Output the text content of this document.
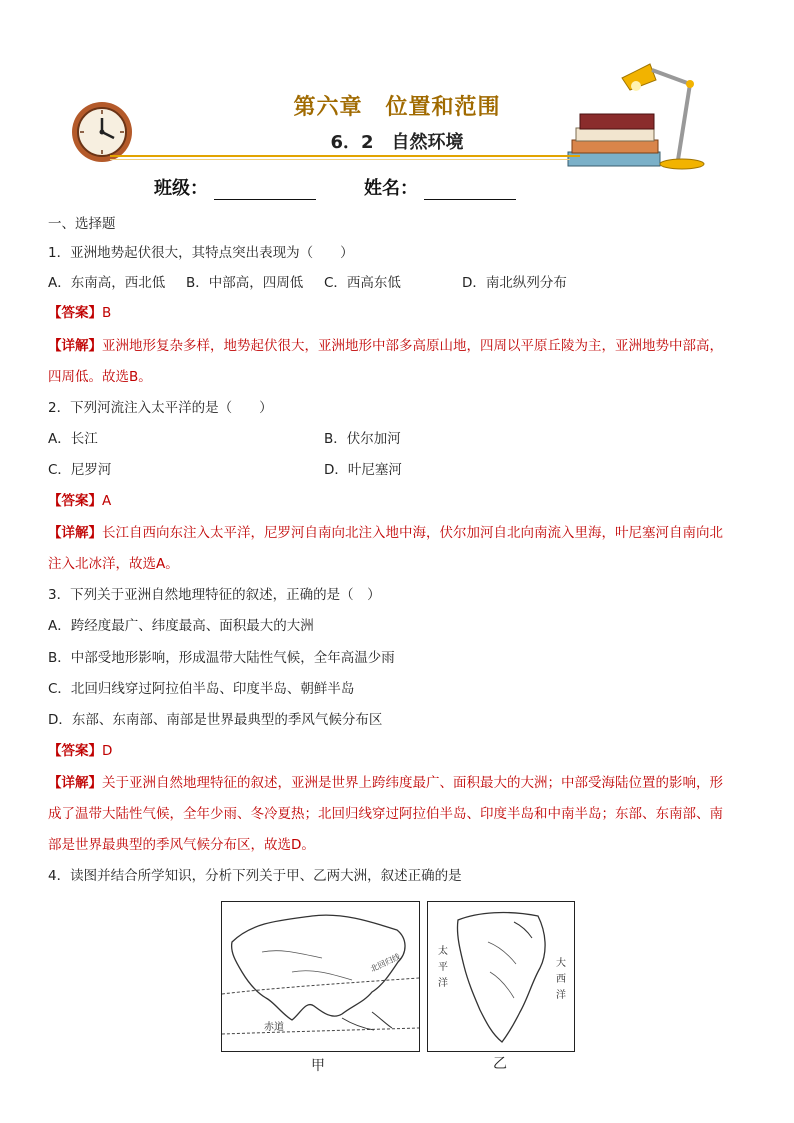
第六章　位置和范围
6．2　自然环境
班级：	姓名：
一、选择题
1．亚洲地势起伏很大，其特点突出表现为（　　）
A．东南高，西北低 B．中部高，四周低 C．西高东低	D．南北纵列分布
【答案】B
【详解】亚洲地形复杂多样，地势起伏很大，亚洲地形中部多高原山地，四周以平原丘陵为主，亚洲地势中部高，
四周低。故选B。
2．下列河流注入太平洋的是（　　）
A．长江	B．伏尔加河
C．尼罗河	D．叶尼塞河
【答案】A
【详解】长江自西向东注入太平洋，尼罗河自南向北注入地中海，伏尔加河自北向南流入里海，叶尼塞河自南向北
注入北冰洋，故选A。
3．下列关于亚洲自然地理特征的叙述，正确的是（　）
A．跨经度最广、纬度最高、面积最大的大洲
B．中部受地形影响，形成温带大陆性气候，全年高温少雨
C．北回归线穿过阿拉伯半岛、印度半岛、朝鲜半岛
D．东部、东南部、南部是世界最典型的季风气候分布区
【答案】D
【详解】关于亚洲自然地理特征的叙述，亚洲是世界上跨纬度最广、面积最大的大洲；中部受海陆位置的影响，形
成了温带大陆性气候，全年少雨、冬冷夏热；北回归线穿过阿拉伯半岛、印度半岛和中南半岛；东部、东南部、南
部是世界最典型的季风气候分布区，故选D。
4．读图并结合所学知识，分析下列关于甲、乙两大洲，叙述正确的是
北回归线
赤道
甲
太
平
洋
大
西
洋
乙
